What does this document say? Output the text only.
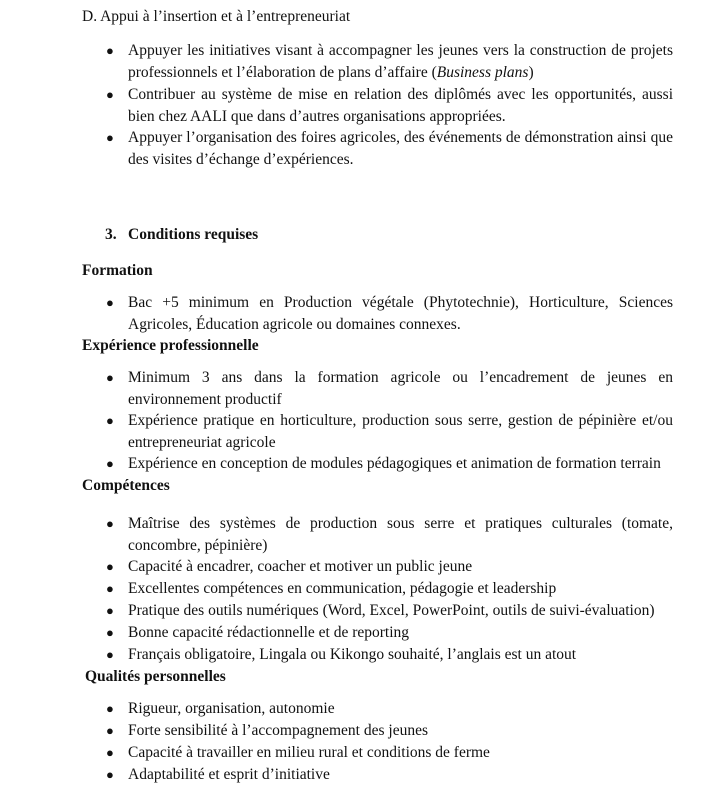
D. Appui à l’insertion et à l’entrepreneuriat
● Appuyer les initiatives visant à accompagner les jeunes vers la construction de projets
professionnels et l’élaboration de plans d’affaire (Business plans)
● Contribuer au système de mise en relation des diplômés avec les opportunités, aussi
bien chez AALI que dans d’autres organisations appropriées.
● Appuyer l’organisation des foires agricoles, des événements de démonstration ainsi que
des visites d’échange d’expériences.
3. Conditions requises
Formation
● Bac +5 minimum en Production végétale (Phytotechnie), Horticulture, Sciences
Agricoles, Éducation agricole ou domaines connexes.
Expérience professionnelle
● Minimum 3 ans dans la formation agricole ou l’encadrement de jeunes en
environnement productif
● Expérience pratique en horticulture, production sous serre, gestion de pépinière et/ou
entrepreneuriat agricole
● Expérience en conception de modules pédagogiques et animation de formation terrain
Compétences
● Maîtrise des systèmes de production sous serre et pratiques culturales (tomate,
concombre, pépinière)
● Capacité à encadrer, coacher et motiver un public jeune
● Excellentes compétences en communication, pédagogie et leadership
● Pratique des outils numériques (Word, Excel, PowerPoint, outils de suivi-évaluation)
● Bonne capacité rédactionnelle et de reporting
● Français obligatoire, Lingala ou Kikongo souhaité, l’anglais est un atout
Qualités personnelles
● Rigueur, organisation, autonomie
● Forte sensibilité à l’accompagnement des jeunes
● Capacité à travailler en milieu rural et conditions de ferme
● Adaptabilité et esprit d’initiative
